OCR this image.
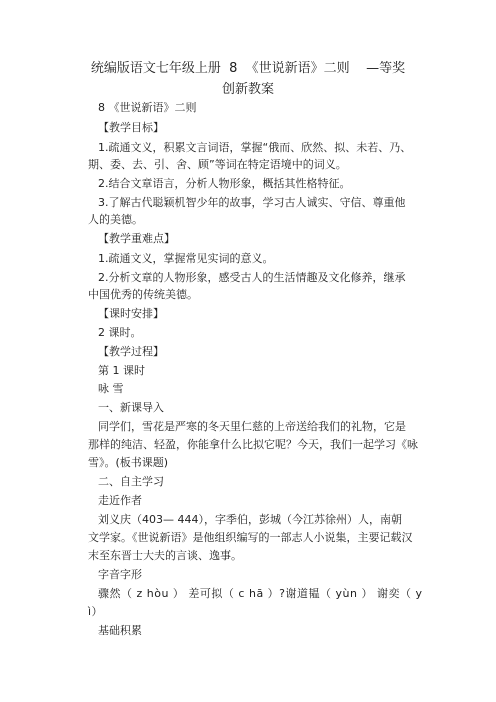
统编版语文七年级上册  8  《世说新语》二则    —等奖
创新教案
8 《世说新语》二则
【教学目标】
1.疏通文义，积累文言词语，掌握“俄而、欣然、拟、未若、乃、
期、委、去、引、舍、顾”等词在特定语境中的词义。
2.结合文章语言，分析人物形象，概括其性格特征。
3.了解古代聪颖机智少年的故事，学习古人诚实、守信、尊重他
人的美德。
【教学重难点】
1.疏通文义，掌握常见实词的意义。
2.分析文章的人物形象，感受古人的生活情趣及文化修养，继承
中国优秀的传统美德。
【课时安排】
2 课时。
【教学过程】
第 1 课时
咏 雪
一、新课导入
同学们，雪花是严寒的冬天里仁慈的上帝送给我们的礼物，它是
那样的纯洁、轻盈，你能拿什么比拟它呢？今天，我们一起学习《咏
雪》。(板书课题)
二、自主学习
走近作者
刘义庆（403— 444），字季伯，彭城（今江苏徐州）人，南朝
文学家。《世说新语》是他组织编写的一部志人小说集，主要记载汉
末至东晋士大夫的言谈、逸事。
字音字形
骤然（ z hòu ） 差可拟（ c hā ）?谢道韫（ yùn ） 谢奕（ y
ì）
基础积累
